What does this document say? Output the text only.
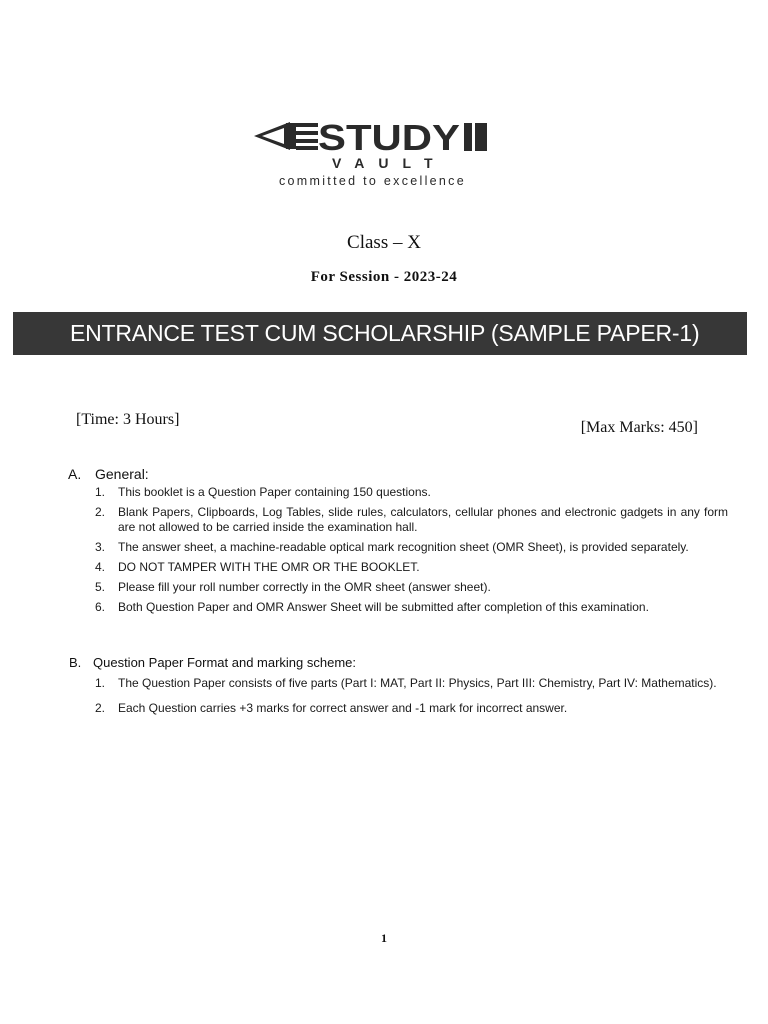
STUDY
VAULT
committed to excellence
Class – X
For Session - 2023-24
ENTRANCE TEST CUM SCHOLARSHIP (SAMPLE PAPER-1)
[Time: 3 Hours]	[Max Marks: 450]
A. General:
1. This booklet is a Question Paper containing 150 questions.
2. Blank Papers, Clipboards, Log Tables, slide rules, calculators, cellular phones and electronic gadgets in any form are not allowed to be carried inside the examination hall.
3. The answer sheet, a machine-readable optical mark recognition sheet (OMR Sheet), is provided separately.
4. DO NOT TAMPER WITH THE OMR OR THE BOOKLET.
5. Please fill your roll number correctly in the OMR sheet (answer sheet).
6. Both Question Paper and OMR Answer Sheet will be submitted after completion of this examination.
B. Question Paper Format and marking scheme:
1. The Question Paper consists of five parts (Part I: MAT, Part II: Physics, Part III: Chemistry, Part IV: Mathematics).
2. Each Question carries +3 marks for correct answer and -1 mark for incorrect answer.
1
